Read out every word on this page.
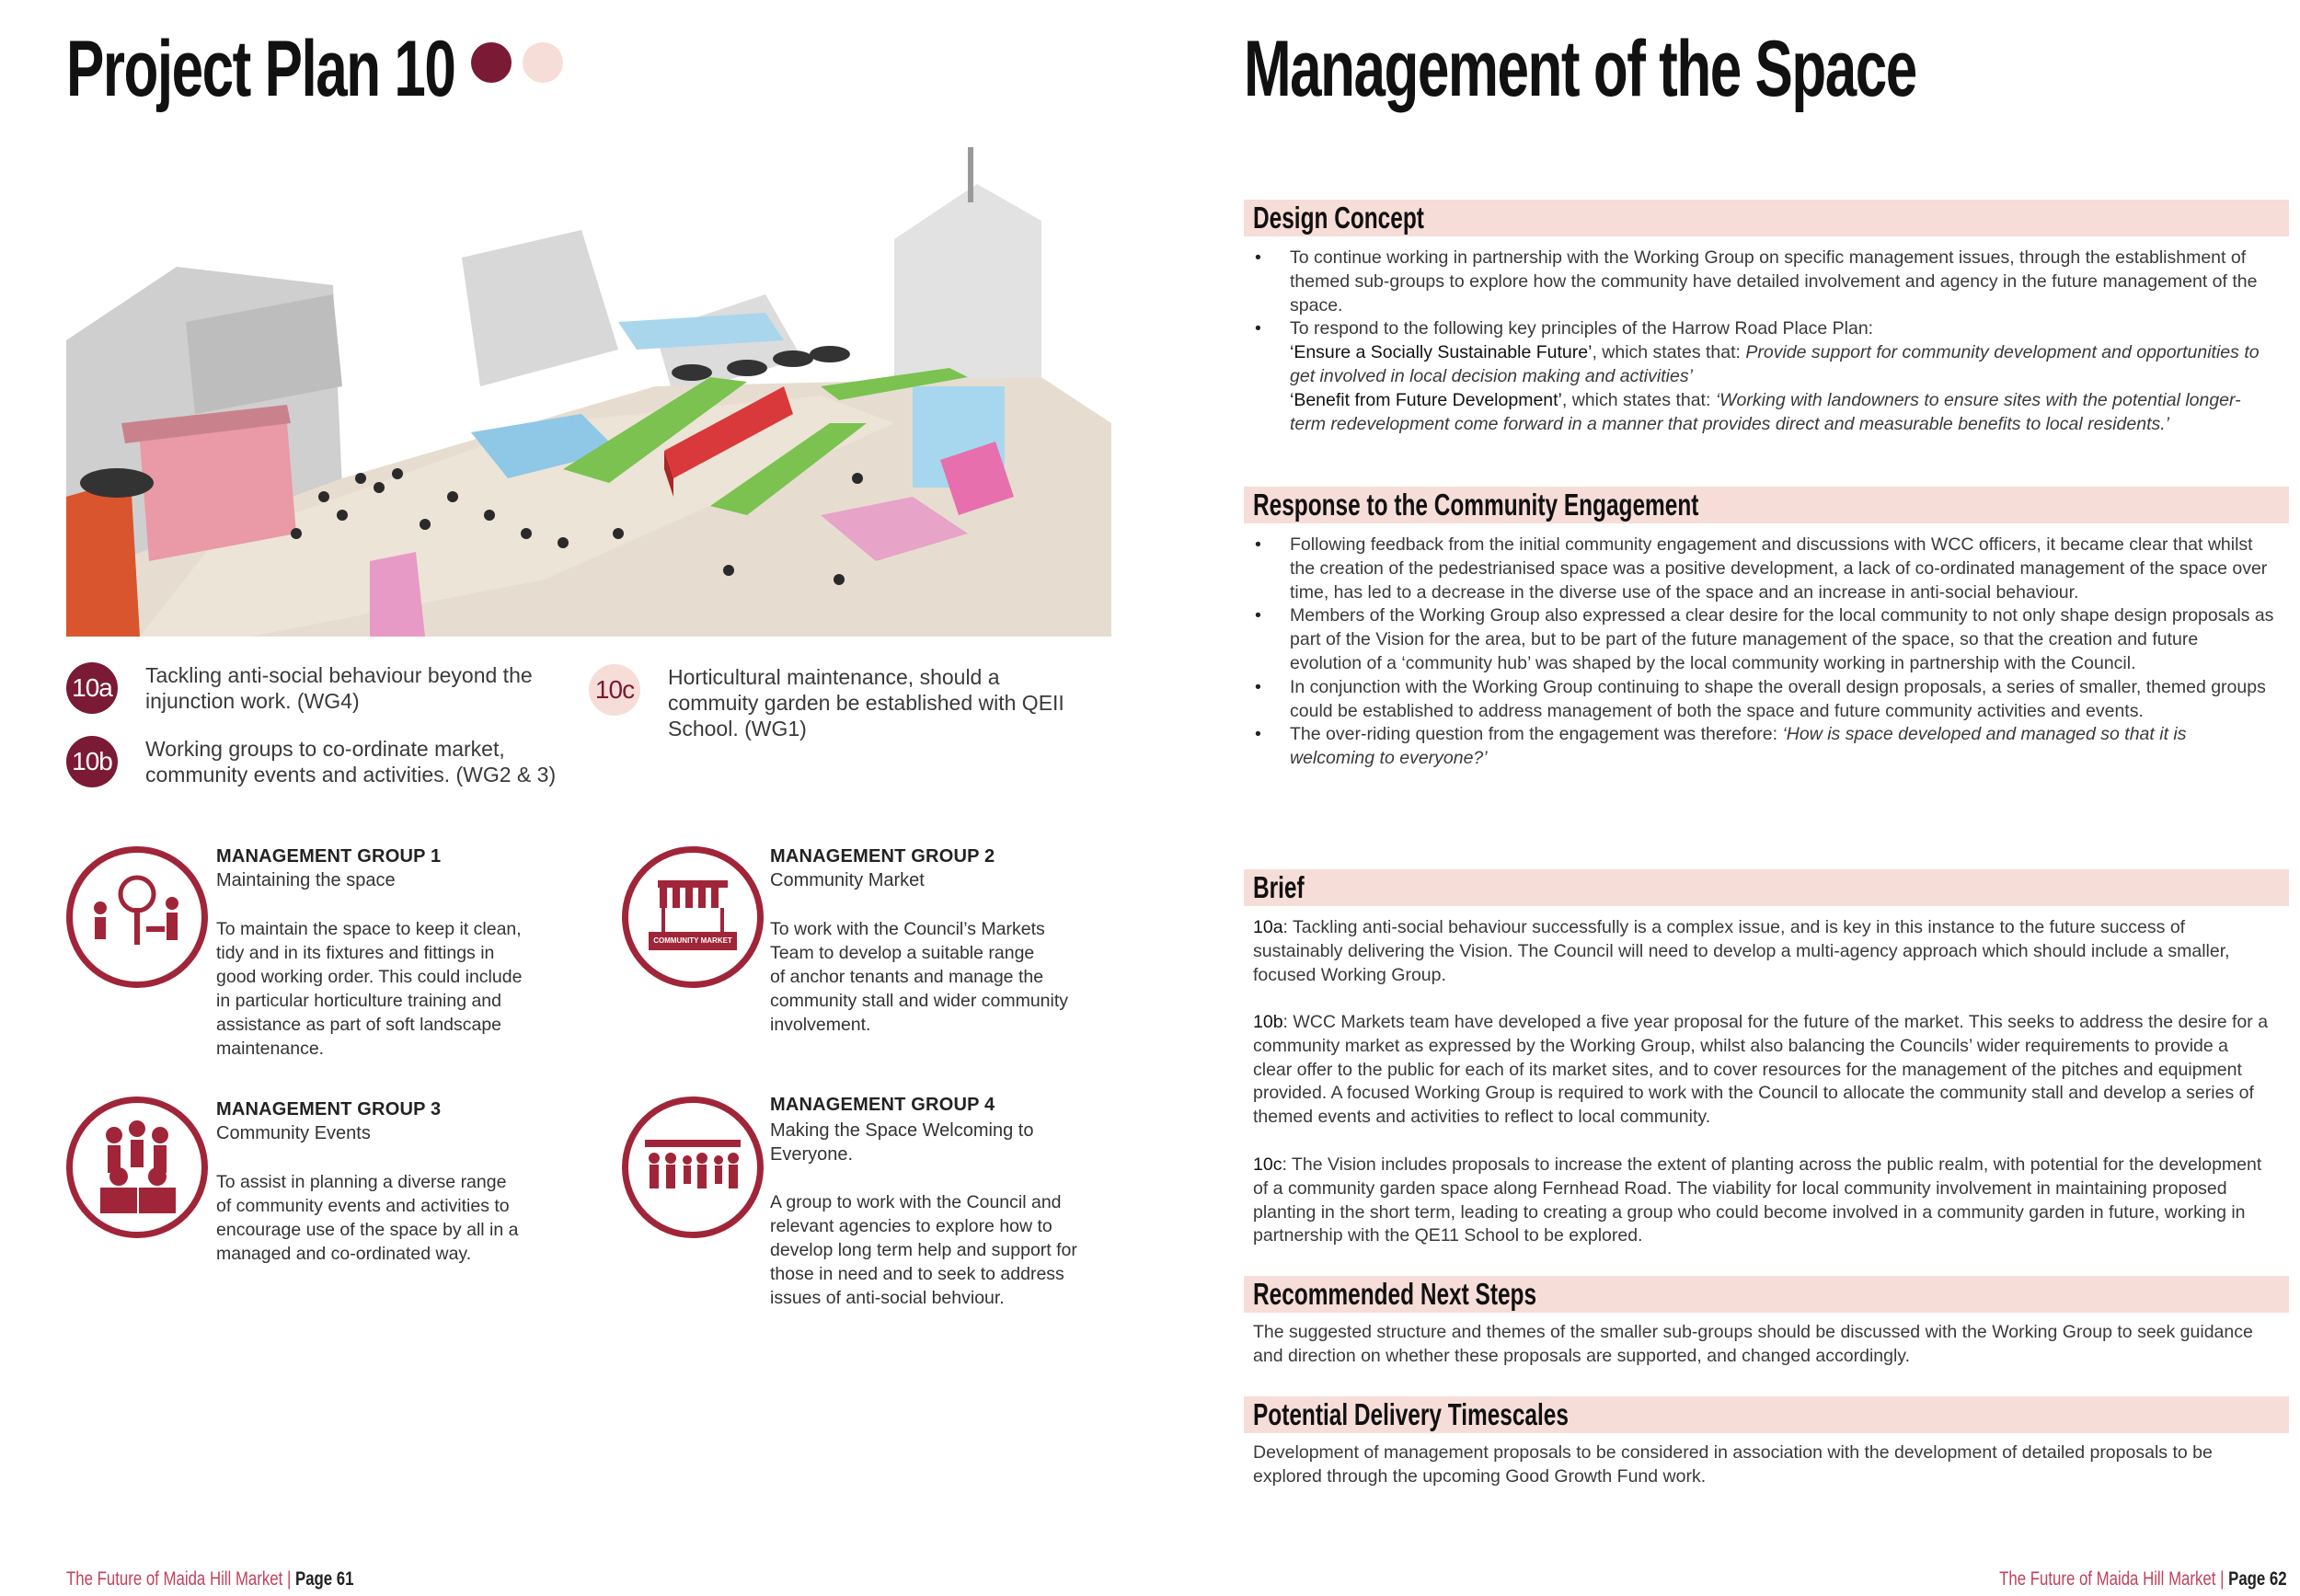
Project Plan 10
10a Tackling anti-social behaviour beyond the
injunction work. (WG4)
10b Working groups to co-ordinate market,
community events and activities. (WG2 & 3)
10c	Horticultural maintenance, should a
commuity garden be established with QEII
School. (WG1)
MANAGEMENT GROUP 1
Maintaining the space
To maintain the space to keep it clean,
tidy and in its fixtures and fittings in
good working order. This could include
in particular horticulture training and
assistance as part of soft landscape
maintenance.
COMMUNITY MARKET
MANAGEMENT GROUP 2
Community Market
To work with the Council’s Markets
Team to develop a suitable range
of anchor tenants and manage the
community stall and wider community
involvement.
MANAGEMENT GROUP 3
Community Events
To assist in planning a diverse range
of community events and activities to
encourage use of the space by all in a
managed and co-ordinated way.
MANAGEMENT GROUP 4
Making the Space Welcoming to
Everyone.
A group to work with the Council and
relevant agencies to explore how to
develop long term help and support for
those in need and to seek to address
issues of anti-social behviour.
The Future of Maida Hill Market | Page 61
Management of the Space
Design Concept
• To continue working in partnership with the Working Group on specific management issues, through the establishment of themed sub-groups to explore how the community have detailed involvement and agency in the future management of the space.
• To respond to the following key principles of the Harrow Road Place Plan:
‘Ensure a Socially Sustainable Future’, which states that: Provide support for community development and opportunities to get involved in local decision making and activities’
‘Benefit from Future Development’, which states that: ‘Working with landowners to ensure sites with the potential longer-term redevelopment come forward in a manner that provides direct and measurable benefits to local residents.’
Response to the Community Engagement
• Following feedback from the initial community engagement and discussions with WCC officers, it became clear that whilst the creation of the pedestrianised space was a positive development, a lack of co-ordinated management of the space over time, has led to a decrease in the diverse use of the space and an increase in anti-social behaviour.
• Members of the Working Group also expressed a clear desire for the local community to not only shape design proposals as part of the Vision for the area, but to be part of the future management of the space, so that the creation and future evolution of a ‘community hub’ was shaped by the local community working in partnership with the Council.
• In conjunction with the Working Group continuing to shape the overall design proposals, a series of smaller, themed groups could be established to address management of both the space and future community activities and events.
• The over-riding question from the engagement was therefore: ‘How is space developed and managed so that it is welcoming to everyone?’
Brief
10a: Tackling anti-social behaviour successfully is a complex issue, and is key in this instance to the future success of sustainably delivering the Vision. The Council will need to develop a multi-agency approach which should include a smaller, focused Working Group.
10b: WCC Markets team have developed a five year proposal for the future of the market. This seeks to address the desire for a community market as expressed by the Working Group, whilst also balancing the Councils’ wider requirements to provide a clear offer to the public for each of its market sites, and to cover resources for the management of the pitches and equipment provided. A focused Working Group is required to work with the Council to allocate the community stall and develop a series of themed events and activities to reflect to local community.
10c: The Vision includes proposals to increase the extent of planting across the public realm, with potential for the development of a community garden space along Fernhead Road. The viability for local community involvement in maintaining proposed planting in the short term, leading to creating a group who could become involved in a community garden in future, working in partnership with the QE11 School to be explored.
Recommended Next Steps
The suggested structure and themes of the smaller sub-groups should be discussed with the Working Group to seek guidance and direction on whether these proposals are supported, and changed accordingly.
Potential Delivery Timescales
Development of management proposals to be considered in association with the development of detailed proposals to be explored through the upcoming Good Growth Fund work.
The Future of Maida Hill Market | Page 62
